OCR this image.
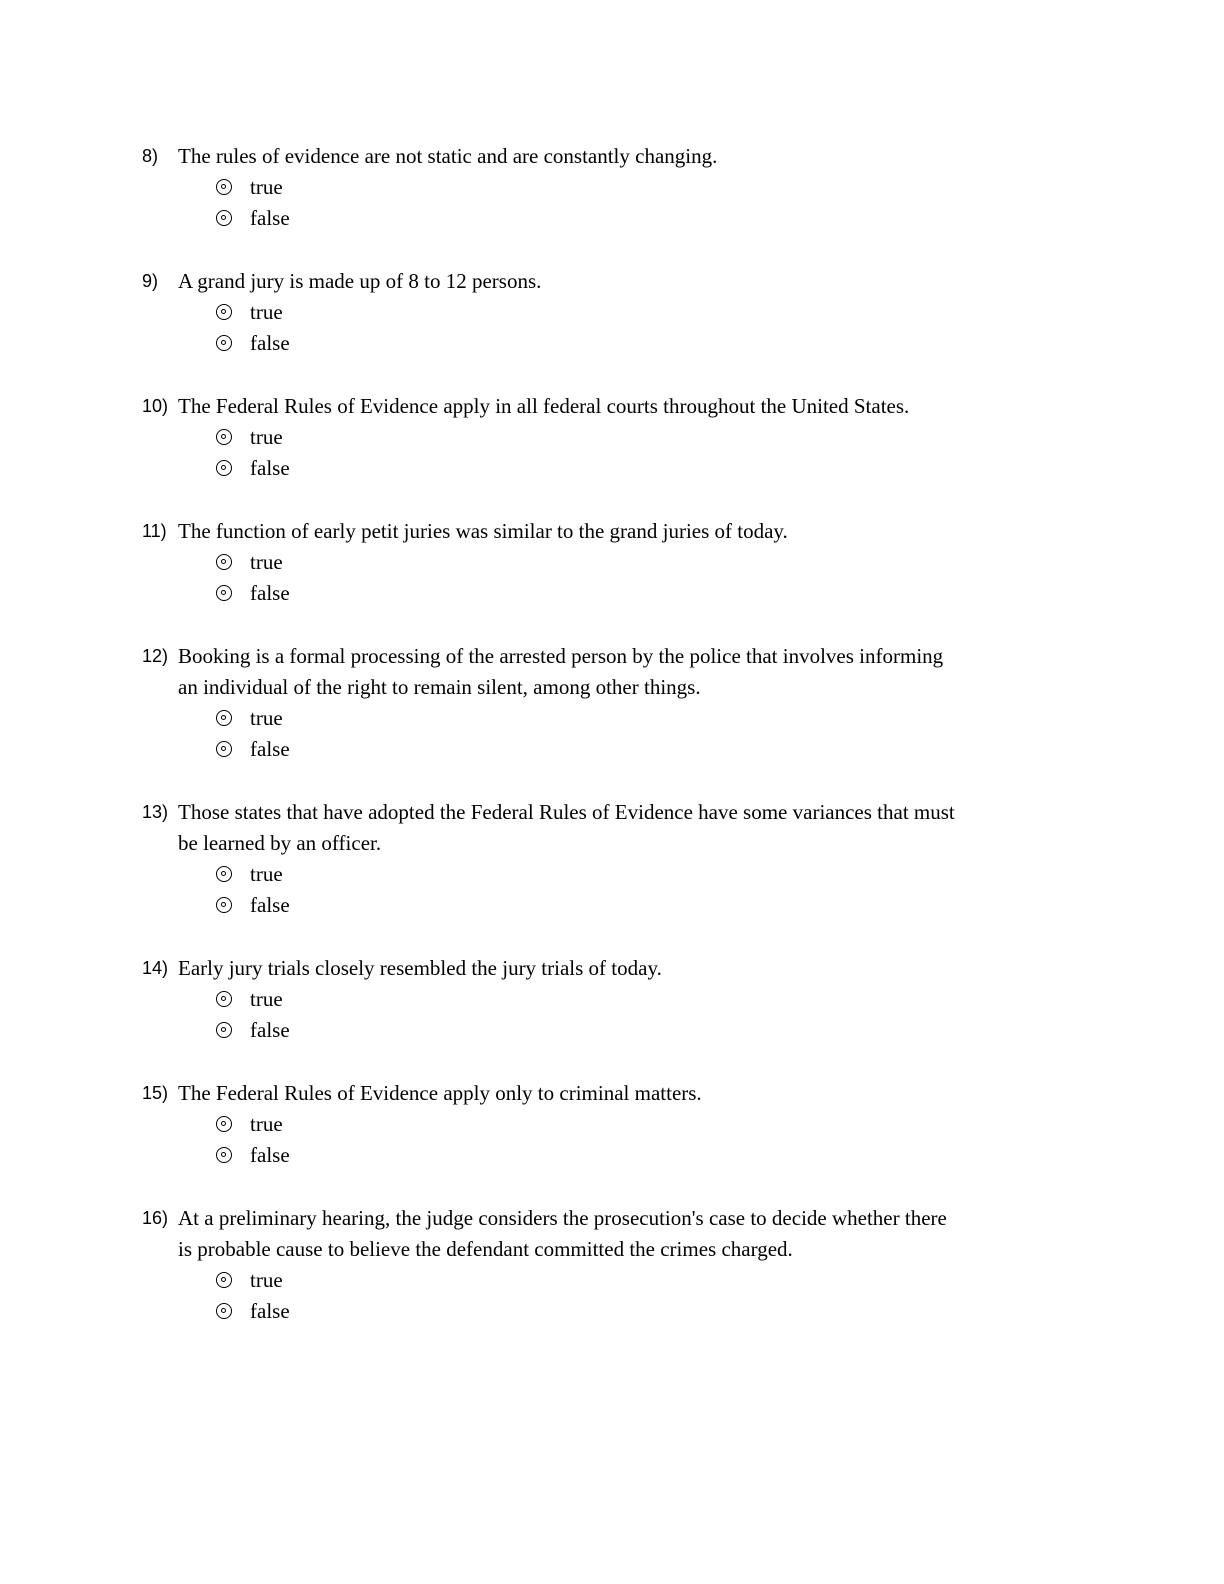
8) The rules of evidence are not static and are constantly changing.
true
false
9) A grand jury is made up of 8 to 12 persons.
true
false
10) The Federal Rules of Evidence apply in all federal courts throughout the United States.
true
false
11) The function of early petit juries was similar to the grand juries of today.
true
false
12) Booking is a formal processing of the arrested person by the police that involves informing
an individual of the right to remain silent, among other things.
true
false
13) Those states that have adopted the Federal Rules of Evidence have some variances that must
be learned by an officer.
true
false
14) Early jury trials closely resembled the jury trials of today.
true
false
15) The Federal Rules of Evidence apply only to criminal matters.
true
false
16) At a preliminary hearing, the judge considers the prosecution's case to decide whether there
is probable cause to believe the defendant committed the crimes charged.
true
false
